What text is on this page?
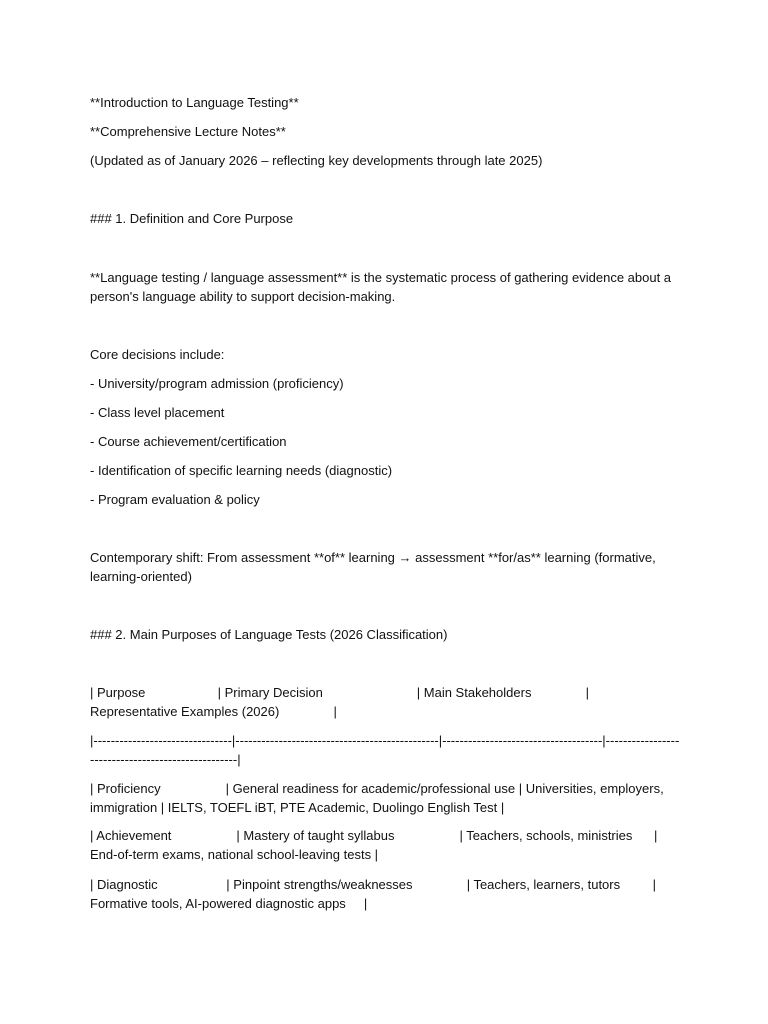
**Introduction to Language Testing**

**Comprehensive Lecture Notes**

(Updated as of January 2026 – reflecting key developments through late 2025)

### 1. Definition and Core Purpose

**Language testing / language assessment** is the systematic process of gathering evidence about a person's language ability to support decision-making.

Core decisions include:

- University/program admission (proficiency)

- Class level placement

- Course achievement/certification

- Identification of specific learning needs (diagnostic)

- Program evaluation & policy

Contemporary shift: From assessment **of** learning → assessment **for/as** learning (formative, learning-oriented)

### 2. Main Purposes of Language Tests (2026 Classification)

| Purpose                    | Primary Decision                          | Main Stakeholders               | Representative Examples (2026)               |

|--------------------------------|-----------------------------------------------|-------------------------------------|---------------------------------------------------|

| Proficiency                  | General readiness for academic/professional use | Universities, employers, immigration | IELTS, TOEFL iBT, PTE Academic, Duolingo English Test |

| Achievement                  | Mastery of taught syllabus                  | Teachers, schools, ministries      | End-of-term exams, national school-leaving tests |

| Diagnostic                   | Pinpoint strengths/weaknesses               | Teachers, learners, tutors         | Formative tools, AI-powered diagnostic apps     |
